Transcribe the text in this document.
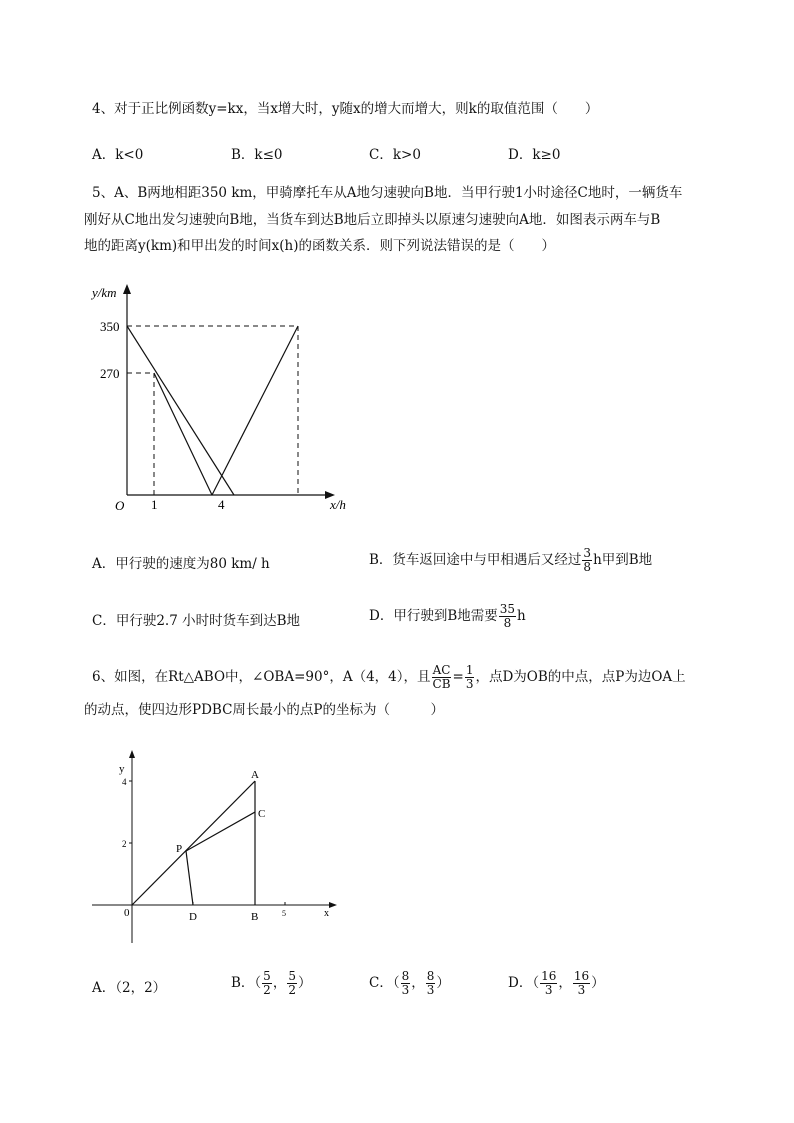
4、对于正比例函数y=kx，当x增大时，y随x的增大而增大，则k的取值范围（　　）
A．k<0	B．k≤0	C．k>0	D．k≥0
5、A、B两地相距350 km，甲骑摩托车从A地匀速驶向B地．当甲行驶1小时途径C地时，一辆货车
刚好从C地出发匀速驶向B地，当货车到达B地后立即掉头以原速匀速驶向A地．如图表示两车与B
地的距离y(km)和甲出发的时间x(h)的函数关系．则下列说法错误的是（　　）
y/km
350
270
O 1	4	x/h
A．甲行驶的速度为80 km/ h	B．货车返回途中与甲相遇后又经过 $\frac{3}{8}$ h甲到B地
C．甲行驶2.7 小时时货车到达B地	D．甲行驶到B地需要 $\frac{35}{8}$ h
6、如图，在Rt△ABO中，∠OBA=90°，A（4，4），且 $\frac{AC}{CB} = \frac{1}{3}$ ，点D为OB的中点，点P为边OA上
的动点，使四边形PDBC周长最小的点P的坐标为（　　　）
y
4
2
0
A
C
P
D	B	5	x
A．（2，2）	B．（ $\frac{5}{2}$ ， $\frac{5}{2}$ ）	C．（ $\frac{8}{3}$ ， $\frac{8}{3}$ ）	D．（ $\frac{16}{3}$ ， $\frac{16}{3}$ ）
